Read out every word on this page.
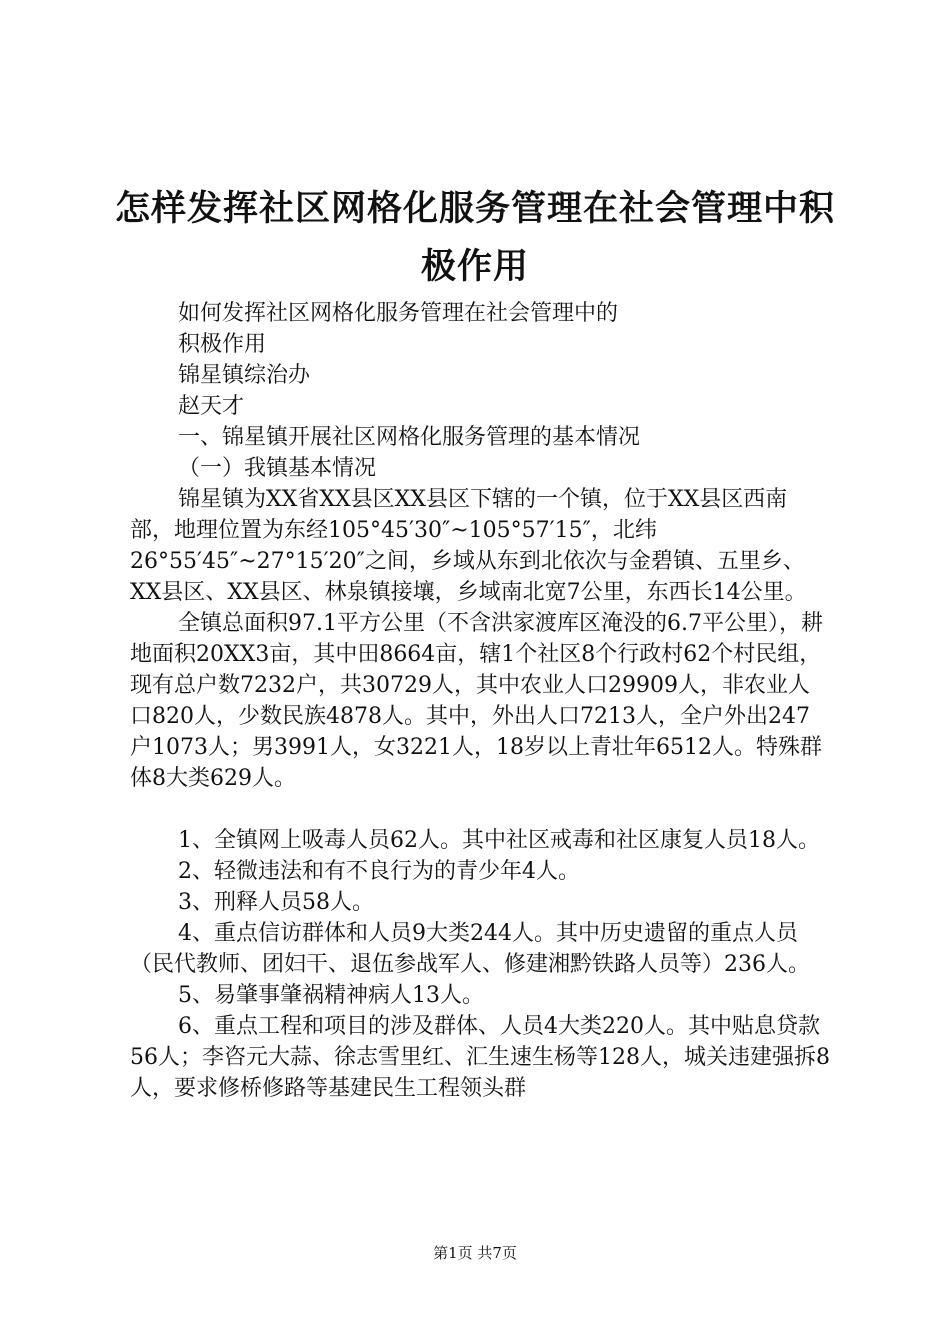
怎样发挥社区网格化服务管理在社会管理中积极作用

如何发挥社区网格化服务管理在社会管理中的

积极作用

锦星镇综治办

赵天才

一、锦星镇开展社区网格化服务管理的基本情况

（一）我镇基本情况

锦星镇为XX省XX县区XX县区下辖的一个镇，位于XX县区西南部，地理位置为东经105°45′30″~105°57′15″，北纬26°55′45″~27°15′20″之间，乡域从东到北依次与金碧镇、五里乡、XX县区、XX县区、林泉镇接壤，乡域南北宽7公里，东西长14公里。

全镇总面积97.1平方公里（不含洪家渡库区淹没的6.7平公里），耕地面积20XX3亩，其中田8664亩，辖1个社区8个行政村62个村民组，现有总户数7232户，共30729人，其中农业人口29909人，非农业人口820人，少数民族4878人。其中，外出人口7213人，全户外出247户1073人；男3991人，女3221人，18岁以上青壮年6512人。特殊群体8大类629人。

1、全镇网上吸毒人员62人。其中社区戒毒和社区康复人员18人。

2、轻微违法和有不良行为的青少年4人。

3、刑释人员58人。

4、重点信访群体和人员9大类244人。其中历史遗留的重点人员（民代教师、团妇干、退伍参战军人、修建湘黔铁路人员等）236人。

5、易肇事肇祸精神病人13人。

6、重点工程和项目的涉及群体、人员4大类220人。其中贴息贷款56人；李咨元大蒜、徐志雪里红、汇生速生杨等128人，城关违建强拆8人，要求修桥修路等基建民生工程领头群

第1页 共7页
